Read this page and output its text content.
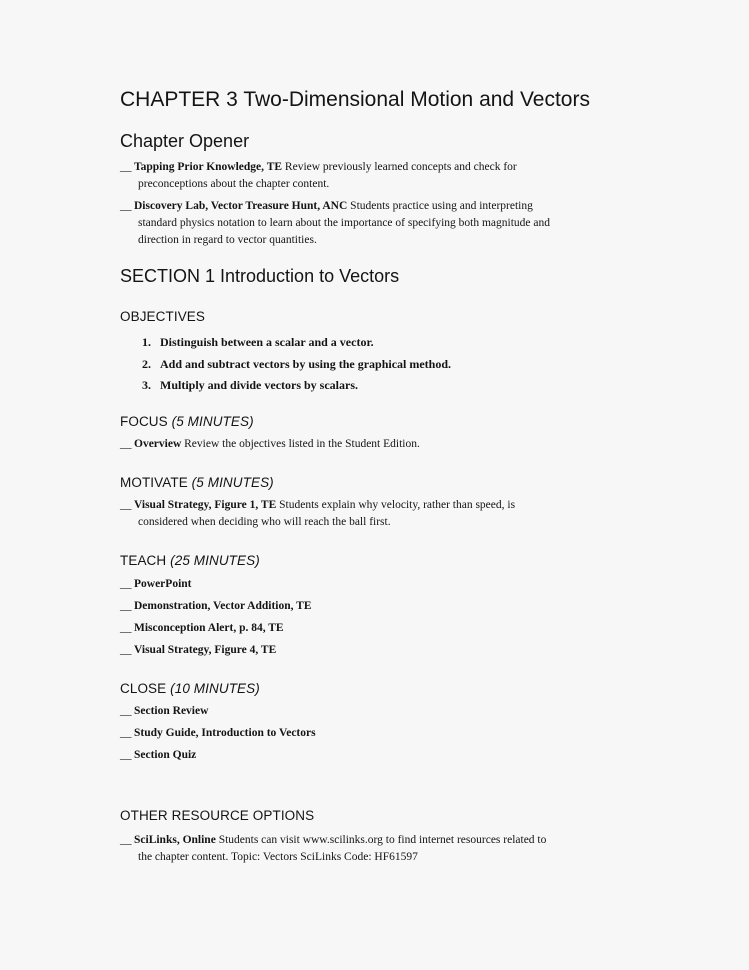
CHAPTER 3 Two-Dimensional Motion and Vectors
Chapter Opener
__ Tapping Prior Knowledge, TE Review previously learned concepts and check for
preconceptions about the chapter content.
__ Discovery Lab, Vector Treasure Hunt, ANC Students practice using and interpreting
standard physics notation to learn about the importance of specifying both magnitude and
direction in regard to vector quantities.
SECTION 1 Introduction to Vectors
OBJECTIVES
1. Distinguish between a scalar and a vector.
2. Add and subtract vectors by using the graphical method.
3. Multiply and divide vectors by scalars.
FOCUS (5 MINUTES)
__ Overview Review the objectives listed in the Student Edition.
MOTIVATE (5 MINUTES)
__ Visual Strategy, Figure 1, TE Students explain why velocity, rather than speed, is
considered when deciding who will reach the ball first.
TEACH (25 MINUTES)
__ PowerPoint
__ Demonstration, Vector Addition, TE
__ Misconception Alert, p. 84, TE
__ Visual Strategy, Figure 4, TE
CLOSE (10 MINUTES)
__ Section Review
__ Study Guide, Introduction to Vectors
__ Section Quiz
OTHER RESOURCE OPTIONS
__ SciLinks, Online Students can visit www.scilinks.org to find internet resources related to
the chapter content. Topic: Vectors SciLinks Code: HF61597
